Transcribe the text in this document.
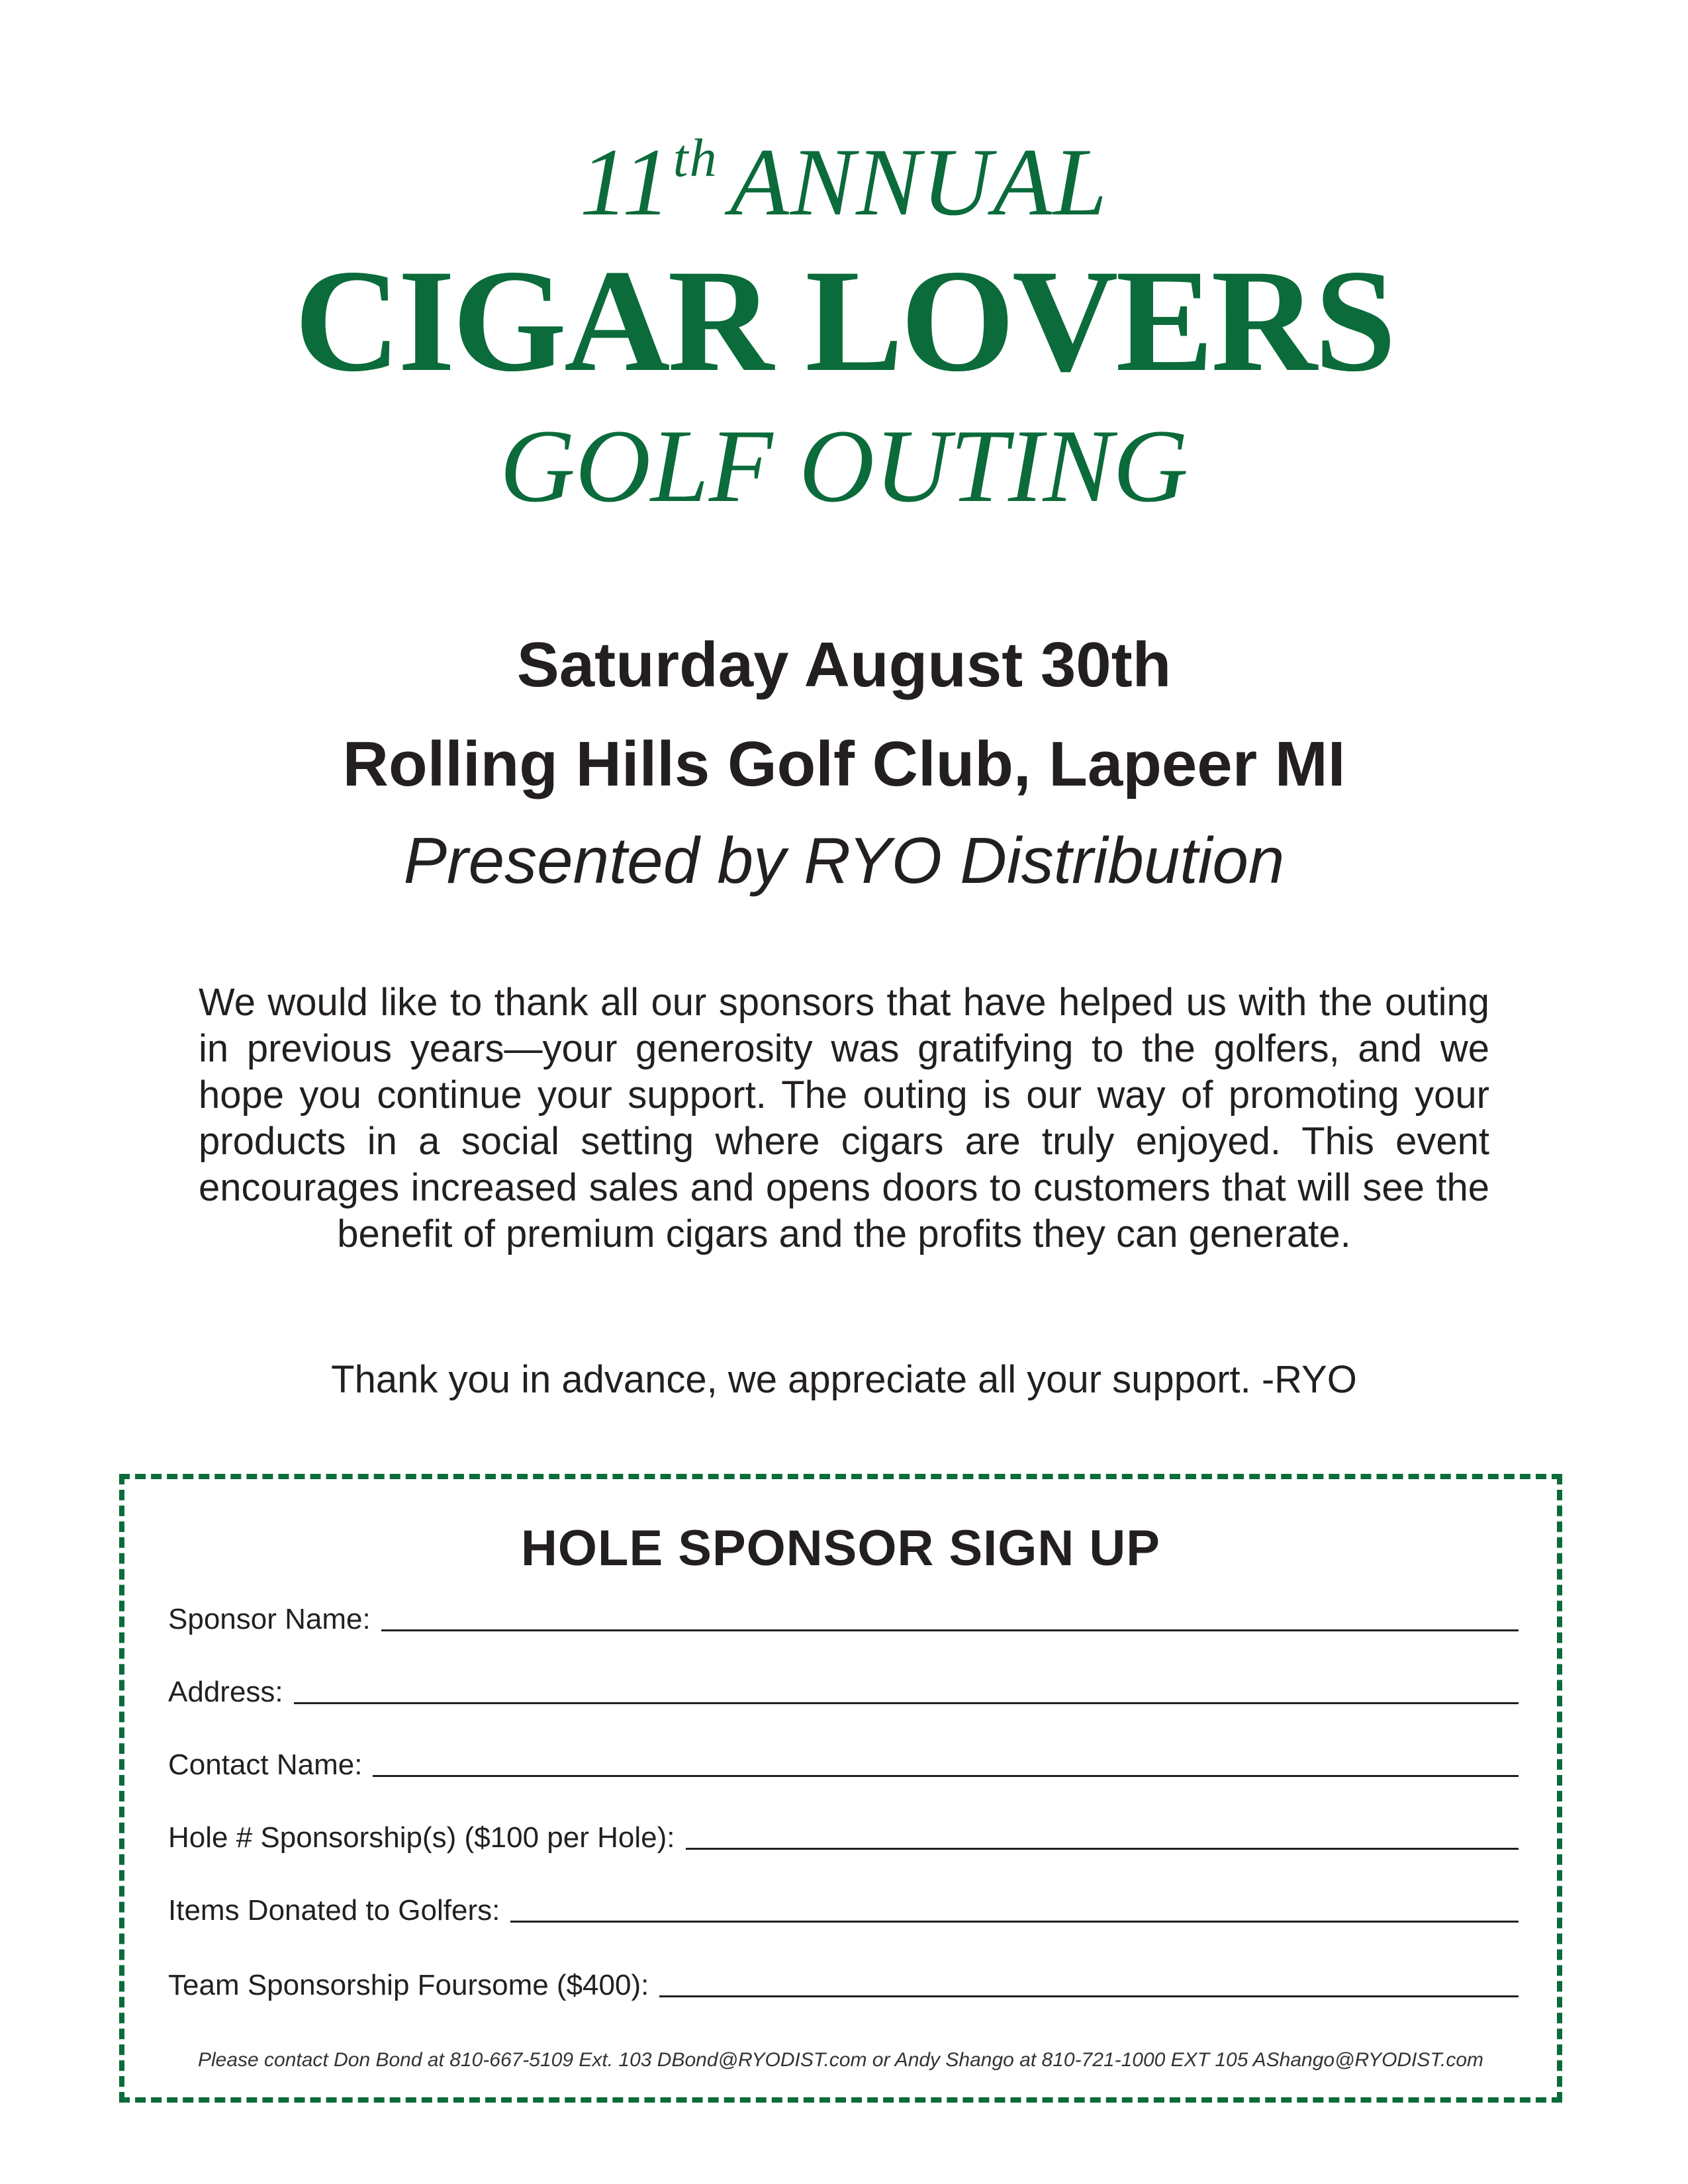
11th ANNUAL
CIGAR LOVERS
GOLF OUTING
Saturday August 30th
Rolling Hills Golf Club, Lapeer MI
Presented by RYO Distribution
We would like to thank all our sponsors that have helped us with the outing in previous years—your generosity was gratifying to the golfers, and we hope you continue your support. The outing is our way of promoting your products in a social setting where cigars are truly enjoyed. This event encourages increased sales and opens doors to customers that will see the benefit of premium cigars and the profits they can generate.
Thank you in advance, we appreciate all your support. -RYO
HOLE SPONSOR SIGN UP
Sponsor Name:
Address:
Contact Name:
Hole # Sponsorship(s) ($100 per Hole):
Items Donated to Golfers:
Team Sponsorship Foursome ($400):
Please contact Don Bond at 810-667-5109 Ext. 103 DBond@RYODIST.com or Andy Shango at 810-721-1000 EXT 105 AShango@RYODIST.com
